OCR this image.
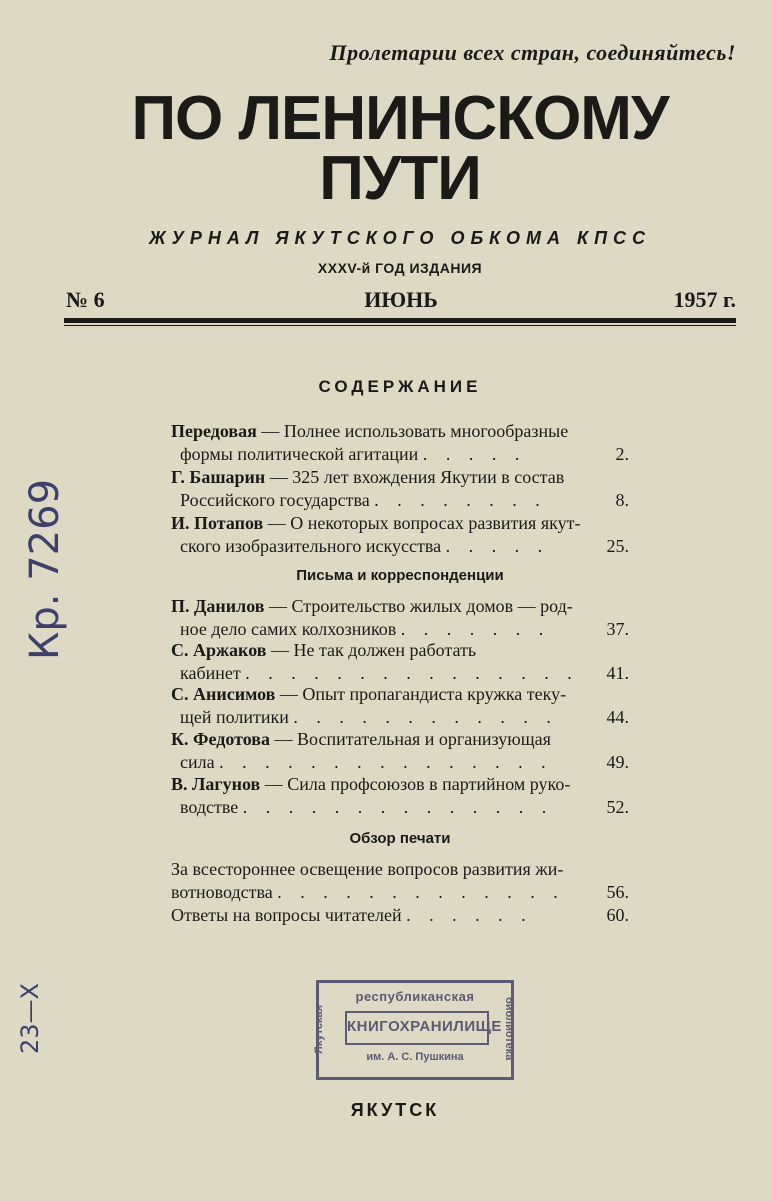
Пролетарии всех стран, соединяйтесь!
ПО ЛЕНИНСКОМУ
ПУТИ
ЖУРНАЛ ЯКУТСКОГО ОБКОМА КПСС
XXXV-й ГОД ИЗДАНИЯ
№ 6	ИЮНЬ	1957 г.
СОДЕРЖАНИЕ
Передовая — Полнее использовать многообразные
формы политической агитации . . . . .	2.
Г. Башарин — 325 лет вхождения Якутии в состав
Российского государства . . . . . . . .	8.
И. Потапов — О некоторых вопросах развития якут-
ского изобразительного искусства . . . . .	25.
Письма и корреспонденции
П. Данилов — Строительство жилых домов — род-
ное дело самих колхозников . . . . . . .	37.
С. Аржаков — Не так должен работать
кабинет . . . . . . . . . . . . . . . 41.
С. Анисимов — Опыт пропагандиста кружка теку-
щей политики . . . . . . . . . . . .	44.
К. Федотова — Воспитательная и организующая
сила . . . . . . . . . . . . . . .	49.
В. Лагунов — Сила профсоюзов в партийном руко-
водстве . . . . . . . . . . . . . .	52.
Обзор печати
За всестороннее освещение вопросов развития жи-
вотноводства . . . . . . . . . . . . . 56.
Ответы на вопросы читателей . . . . . .	60.
республиканская
КНИГОХРАНИЛИЩЕ
им. А. С. Пушкина
Якутская	библиотека
ЯКУТСК
Кр. 7269
23—Х
